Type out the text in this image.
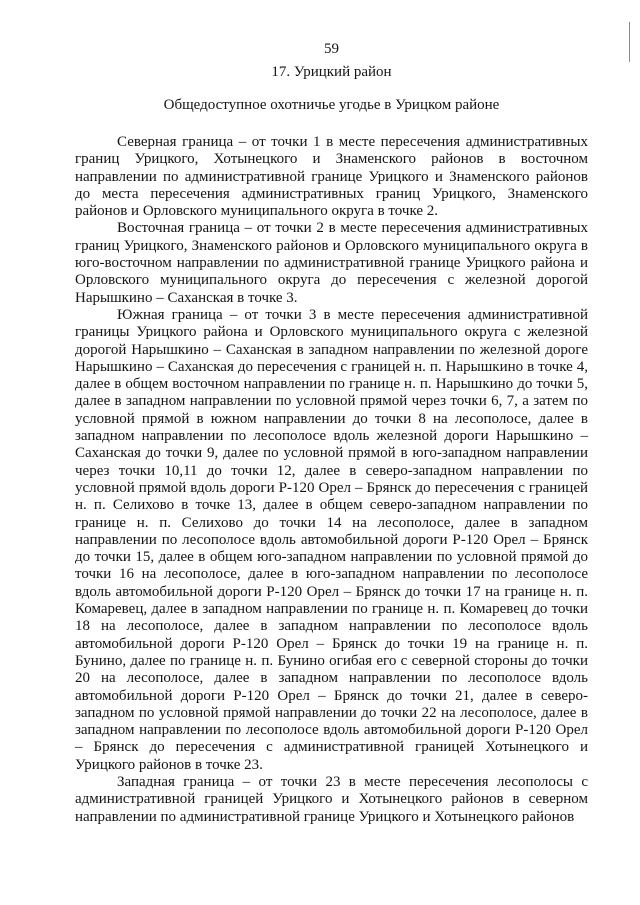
59
17. Урицкий район
Общедоступное охотничье угодье в Урицком районе

Северная граница – от точки 1 в месте пересечения административных границ Урицкого, Хотынецкого и Знаменского районов в восточном направлении по административной границе Урицкого и Знаменского районов до места пересечения административных границ Урицкого, Знаменского районов и Орловского муниципального округа в точке 2.

Восточная граница – от точки 2 в месте пересечения административных границ Урицкого, Знаменского районов и Орловского муниципального округа в юго-восточном направлении по административной границе Урицкого района и Орловского муниципального округа до пересечения с железной дорогой Нарышкино – Саханская в точке 3.

Южная граница – от точки 3 в месте пересечения административной границы Урицкого района и Орловского муниципального округа с железной дорогой Нарышкино – Саханская в западном направлении по железной дороге Нарышкино – Саханская до пересечения с границей н. п. Нарышкино в точке 4, далее в общем восточном направлении по границе н. п. Нарышкино до точки 5, далее в западном направлении по условной прямой через точки 6, 7, а затем по условной прямой в южном направлении до точки 8 на лесополосе, далее в западном направлении по лесополосе вдоль железной дороги Нарышкино – Саханская до точки 9, далее по условной прямой в юго-западном направлении через точки 10,11 до точки 12, далее в северо-западном направлении по условной прямой вдоль дороги Р-120 Орел – Брянск до пересечения с границей н. п. Селихово в точке 13, далее в общем северо-западном направлении по границе н. п. Селихово до точки 14 на лесополосе, далее в западном направлении по лесополосе вдоль автомобильной дороги Р-120 Орел – Брянск до точки 15, далее в общем юго-западном направлении по условной прямой до точки 16 на лесополосе, далее в юго-западном направлении по лесополосе вдоль автомобильной дороги Р-120 Орел – Брянск до точки 17 на границе н. п. Комаревец, далее в западном направлении по границе н. п. Комаревец до точки 18 на лесополосе, далее в западном направлении по лесополосе вдоль автомобильной дороги Р-120 Орел – Брянск до точки 19 на границе н. п. Бунино, далее по границе н. п. Бунино огибая его с северной стороны до точки 20 на лесополосе, далее в западном направлении по лесополосе вдоль автомобильной дороги Р-120 Орел – Брянск до точки 21, далее в северо-западном по условной прямой направлении до точки 22 на лесополосе, далее в западном направлении по лесополосе вдоль автомобильной дороги Р-120 Орел – Брянск до пересечения с административной границей Хотынецкого и Урицкого районов в точке 23.

Западная граница – от точки 23 в месте пересечения лесополосы с административной границей Урицкого и Хотынецкого районов в северном направлении по административной границе Урицкого и Хотынецкого районов
